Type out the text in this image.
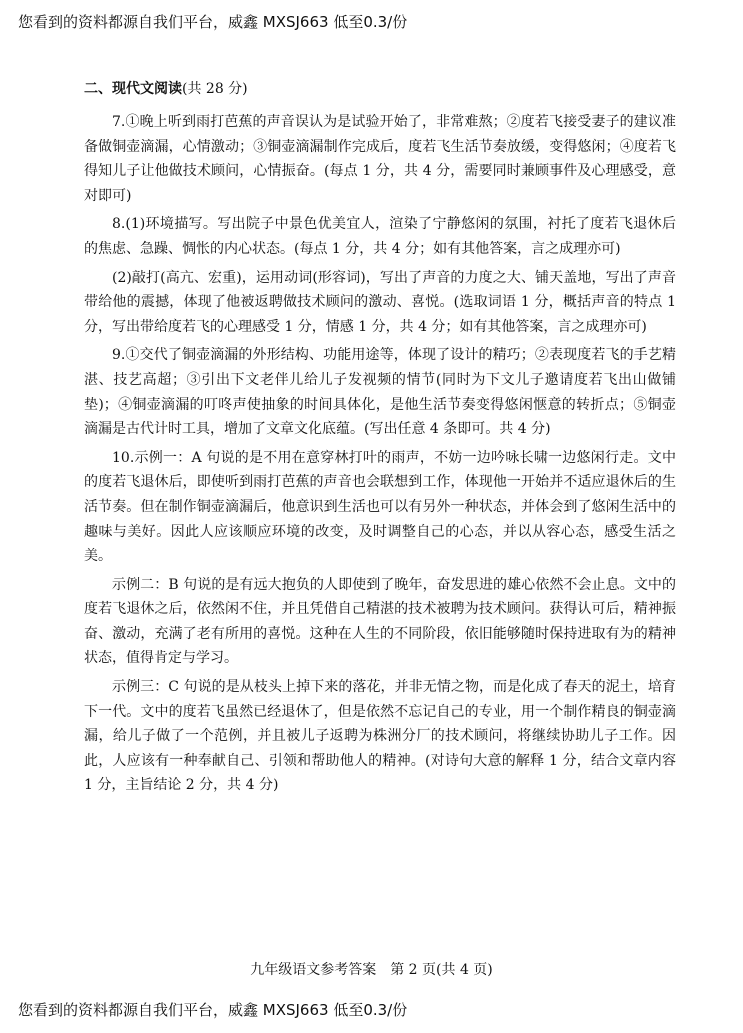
您看到的资料都源自我们平台，威鑫 MXSJ663 低至0.3/份
二、现代文阅读(共 28 分)

7.①晚上听到雨打芭蕉的声音误认为是试验开始了，非常难熬；②度若飞接受妻子的建议准备做铜壶滴漏，心情激动；③铜壶滴漏制作完成后，度若飞生活节奏放缓，变得悠闲；④度若飞得知儿子让他做技术顾问，心情振奋。(每点 1 分，共 4 分，需要同时兼顾事件及心理感受，意对即可)

8.(1)环境描写。写出院子中景色优美宜人，渲染了宁静悠闲的氛围，衬托了度若飞退休后的焦虑、急躁、惆怅的内心状态。(每点 1 分，共 4 分；如有其他答案，言之成理亦可)

(2)敲打(高亢、宏重)，运用动词(形容词)，写出了声音的力度之大、铺天盖地，写出了声音带给他的震撼，体现了他被返聘做技术顾问的激动、喜悦。(选取词语 1 分，概括声音的特点 1 分，写出带给度若飞的心理感受 1 分，情感 1 分，共 4 分；如有其他答案，言之成理亦可)

9.①交代了铜壶滴漏的外形结构、功能用途等，体现了设计的精巧；②表现度若飞的手艺精湛、技艺高超；③引出下文老伴儿给儿子发视频的情节(同时为下文儿子邀请度若飞出山做铺垫)；④铜壶滴漏的叮咚声使抽象的时间具体化，是他生活节奏变得悠闲惬意的转折点；⑤铜壶滴漏是古代计时工具，增加了文章文化底蕴。(写出任意 4 条即可。共 4 分)

10.示例一：A 句说的是不用在意穿林打叶的雨声，不妨一边吟咏长啸一边悠闲行走。文中的度若飞退休后，即使听到雨打芭蕉的声音也会联想到工作，体现他一开始并不适应退休后的生活节奏。但在制作铜壶滴漏后，他意识到生活也可以有另外一种状态，并体会到了悠闲生活中的趣味与美好。因此人应该顺应环境的改变，及时调整自己的心态，并以从容心态，感受生活之美。

示例二：B 句说的是有远大抱负的人即使到了晚年，奋发思进的雄心依然不会止息。文中的度若飞退休之后，依然闲不住，并且凭借自己精湛的技术被聘为技术顾问。获得认可后，精神振奋、激动，充满了老有所用的喜悦。这种在人生的不同阶段，依旧能够随时保持进取有为的精神状态，值得肯定与学习。

示例三：C 句说的是从枝头上掉下来的落花，并非无情之物，而是化成了春天的泥土，培育下一代。文中的度若飞虽然已经退休了，但是依然不忘记自己的专业，用一个制作精良的铜壶滴漏，给儿子做了一个范例，并且被儿子返聘为株洲分厂的技术顾问，将继续协助儿子工作。因此，人应该有一种奉献自己、引领和帮助他人的精神。(对诗句大意的解释 1 分，结合文章内容 1 分，主旨结论 2 分，共 4 分)

九年级语文参考答案　第 2 页(共 4 页)
您看到的资料都源自我们平台，威鑫 MXSJ663 低至0.3/份
